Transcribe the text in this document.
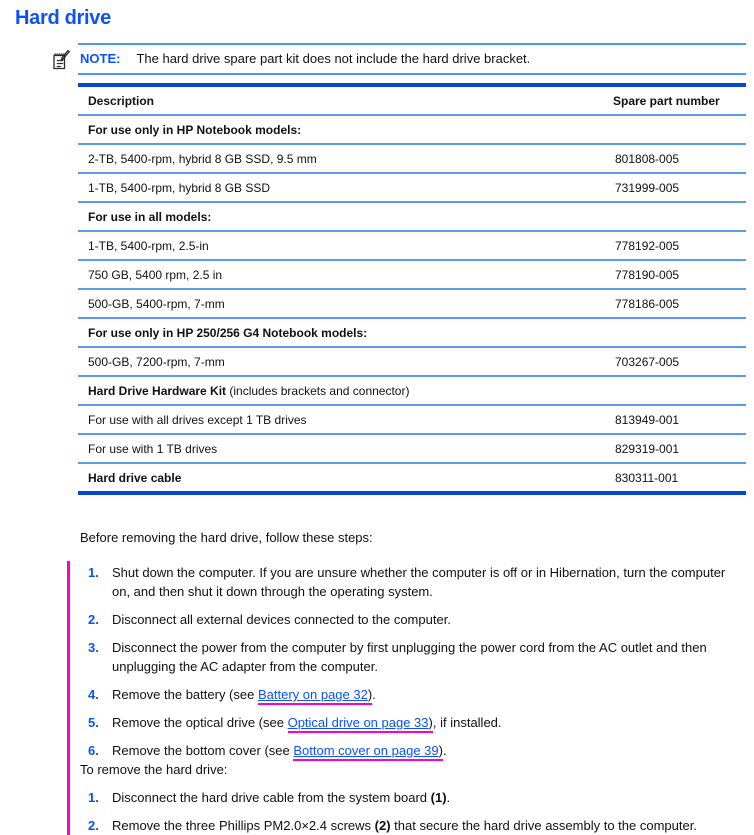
Hard drive
NOTE: The hard drive spare part kit does not include the hard drive bracket.
Description	Spare part number
For use only in HP Notebook models:	
2-TB, 5400-rpm, hybrid 8 GB SSD, 9.5 mm	801808-005
1-TB, 5400-rpm, hybrid 8 GB SSD	731999-005
For use in all models:	
1-TB, 5400-rpm, 2.5-in	778192-005
750 GB, 5400 rpm, 2.5 in	778190-005
500-GB, 5400-rpm, 7-mm	778186-005
For use only in HP 250/256 G4 Notebook models:	
500-GB, 7200-rpm, 7-mm	703267-005
Hard Drive Hardware Kit (includes brackets and connector)	
For use with all drives except 1 TB drives	813949-001
For use with 1 TB drives	829319-001
Hard drive cable	830311-001

Before removing the hard drive, follow these steps:

1.	Shut down the computer. If you are unsure whether the computer is off or in Hibernation, turn the computer on, and then shut it down through the operating system.
2.	Disconnect all external devices connected to the computer.
3.	Disconnect the power from the computer by first unplugging the power cord from the AC outlet and then unplugging the AC adapter from the computer.
4.	Remove the battery (see Battery on page 32).
5.	Remove the optical drive (see Optical drive on page 33), if installed.
6.	Remove the bottom cover (see Bottom cover on page 39).

To remove the hard drive:

1.	Disconnect the hard drive cable from the system board (1).
2.	Remove the three Phillips PM2.0×2.4 screws (2) that secure the hard drive assembly to the computer.
